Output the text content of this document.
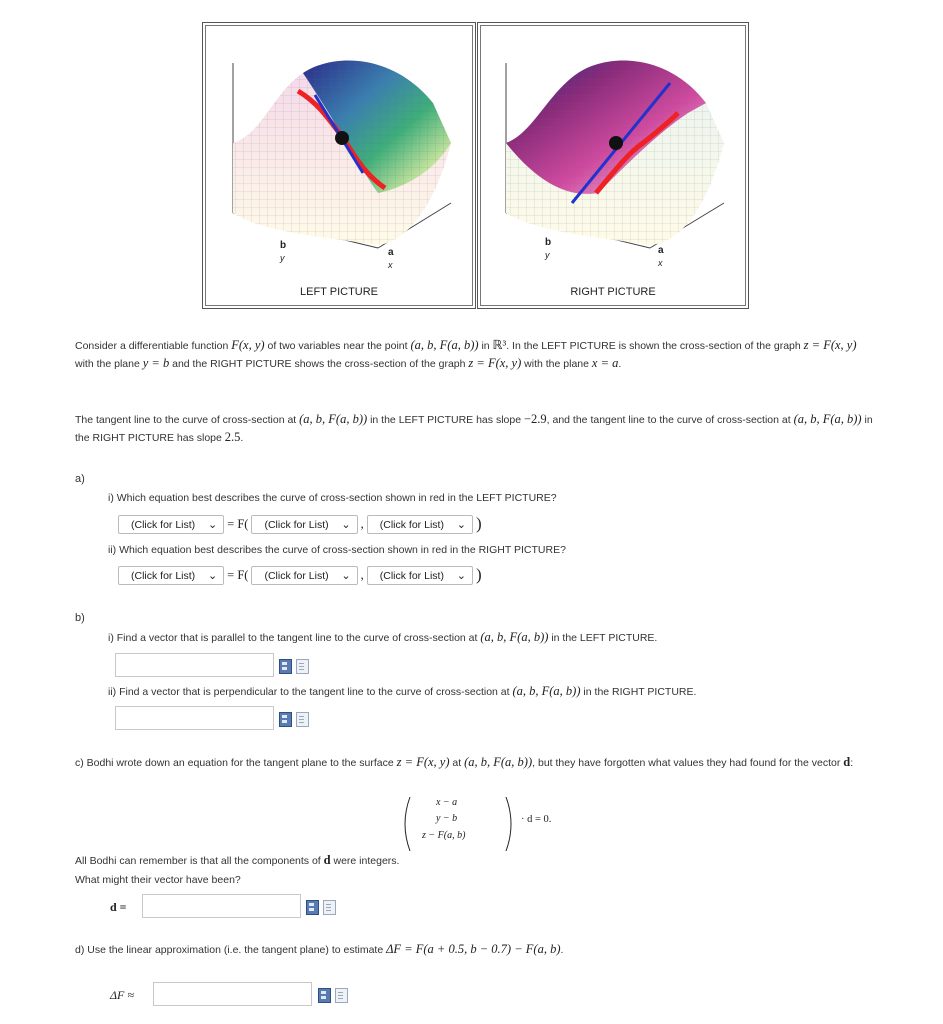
b
y	a
x
LEFT PICTURE
b
y	a
x
RIGHT PICTURE
Consider a differentiable function F(x, y) of two variables near the point (a, b, F(a, b)) in ℝ³. In the LEFT PICTURE is shown the cross-section of the graph z = F(x, y) with the plane y = b and the RIGHT PICTURE shows the cross-section of the graph z = F(x, y) with the plane x = a.
The tangent line to the curve of cross-section at (a, b, F(a, b)) in the LEFT PICTURE has slope −2.9, and the tangent line to the curve of cross-section at (a, b, F(a, b)) in the RIGHT PICTURE has slope 2.5.
a)
i) Which equation best describes the curve of cross-section shown in red in the LEFT PICTURE?
(Click for List) ⌄ = F(	(Click for List) ⌄ ,	(Click for List) ⌄ )
ii) Which equation best describes the curve of cross-section shown in red in the RIGHT PICTURE?
(Click for List) ⌄ = F(	(Click for List) ⌄ ,	(Click for List) ⌄ )
b)
i) Find a vector that is parallel to the tangent line to the curve of cross-section at (a, b, F(a, b)) in the LEFT PICTURE.
ii) Find a vector that is perpendicular to the tangent line to the curve of cross-section at (a, b, F(a, b)) in the RIGHT PICTURE.
c) Bodhi wrote down an equation for the tangent plane to the surface z = F(x, y) at (a, b, F(a, b)), but they have forgotten what values they had found for the vector d:
x − a
y − b
z − F(a, b)
· d = 0.
All Bodhi can remember is that all the components of d were integers.
What might their vector have been?
d =
d) Use the linear approximation (i.e. the tangent plane) to estimate ΔF = F(a + 0.5, b − 0.7) − F(a, b).
ΔF ≈
